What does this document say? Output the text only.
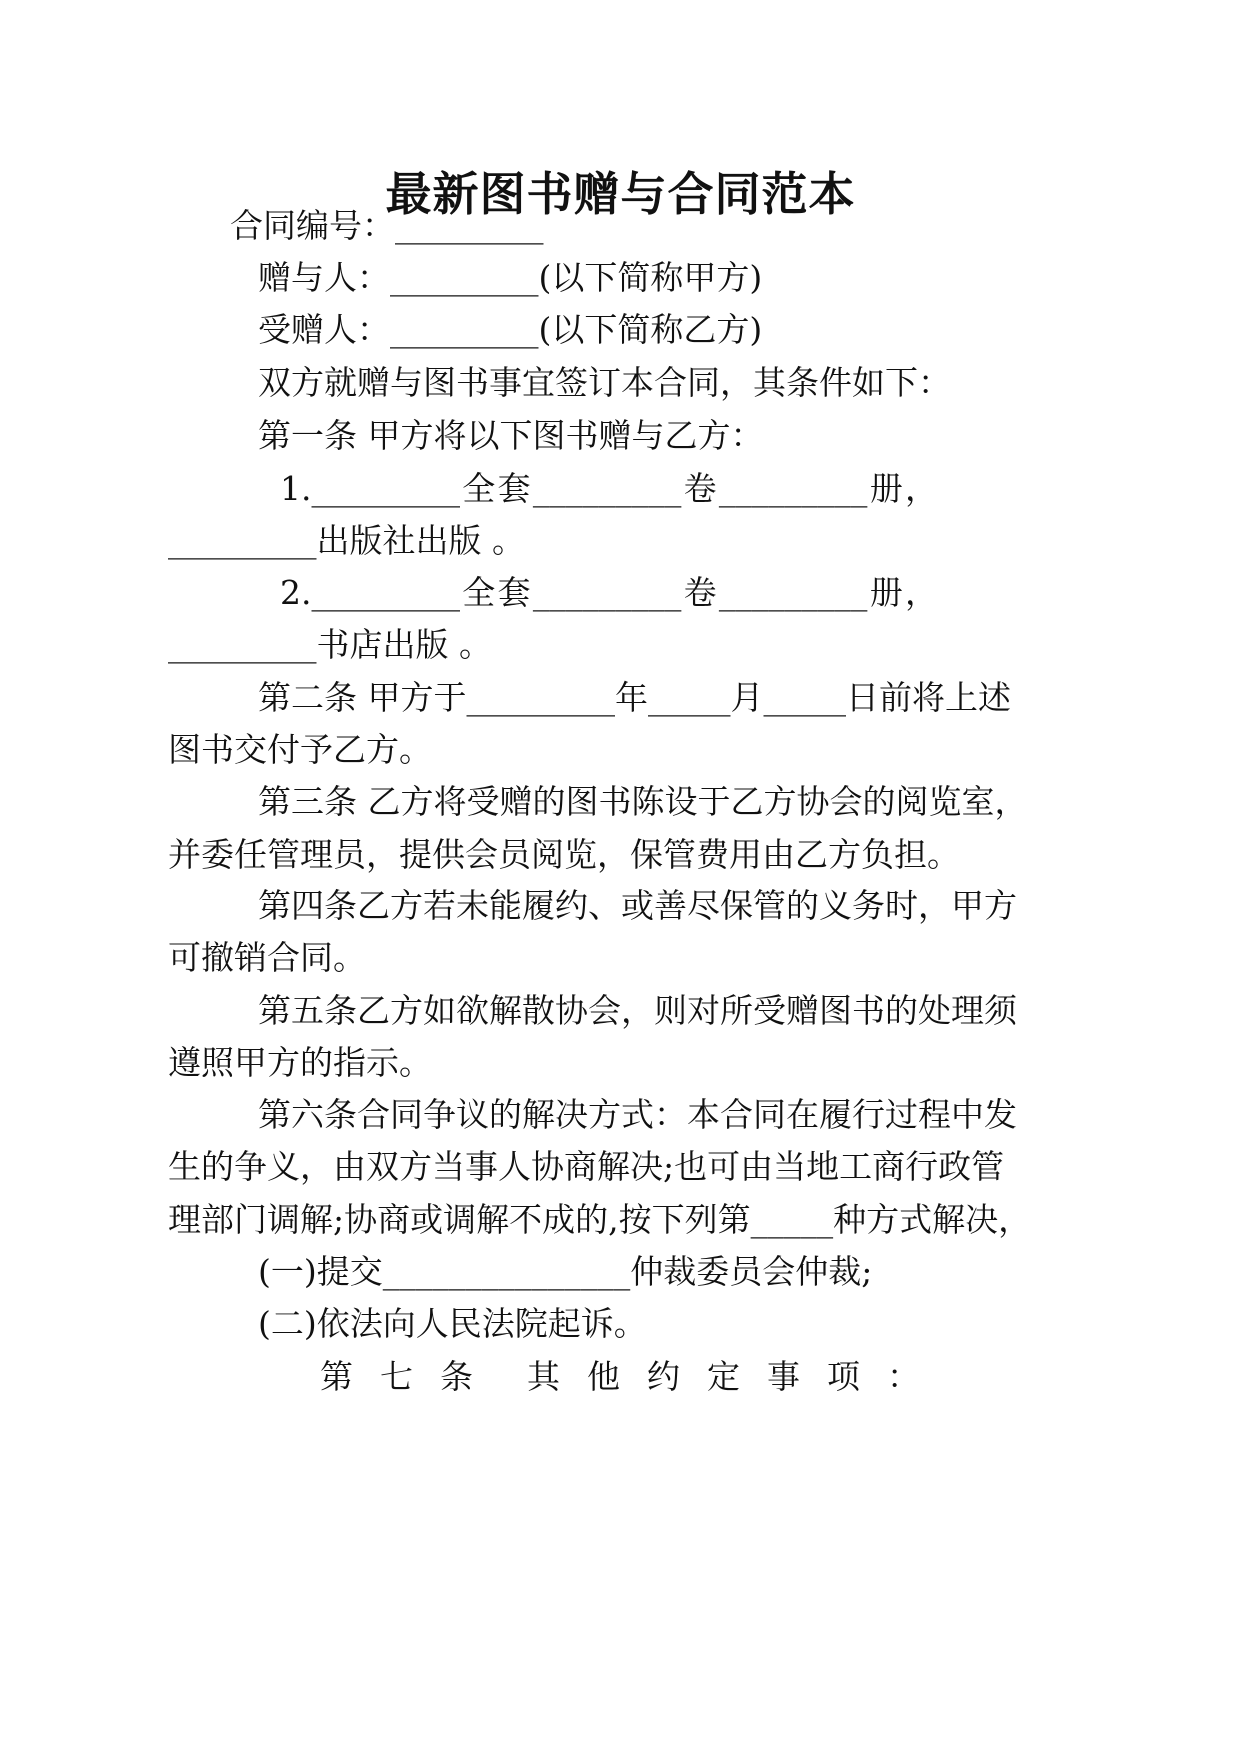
最新图书赠与合同范本
合同编号：_________
赠与人：_________(以下简称甲方)
受赠人：_________(以下简称乙方)
双方就赠与图书事宜签订本合同，其条件如下：
第一条 甲方将以下图书赠与乙方：
1._________ 全 套 _________ 卷 _________ 册 ，
_________出版社出版 。
2._________ 全 套 _________ 卷 _________ 册 ，
_________书店出版 。
第二条 甲方于_________年_____月_____日前将上述
图书交付予乙方。
第三条 乙方将受赠的图书陈设于乙方协会的阅览室，
并委任管理员，提供会员阅览，保管费用由乙方负担。
第四条乙方若未能履约、或善尽保管的义务时，甲方
可撤销合同。
第五条乙方如欲解散协会，则对所受赠图书的处理须
遵照甲方的指示。
第六条合同争议的解决方式：本合同在履行过程中发
生的争义，由双方当事人协商解决;也可由当地工商行政管
理部门调解;协商或调解不成的,按下列第_____种方式解决，
(一)提交_______________仲裁委员会仲裁;
(二)依法向人民法院起诉。
第 七 条 其 他 约 定 事 项 ：
